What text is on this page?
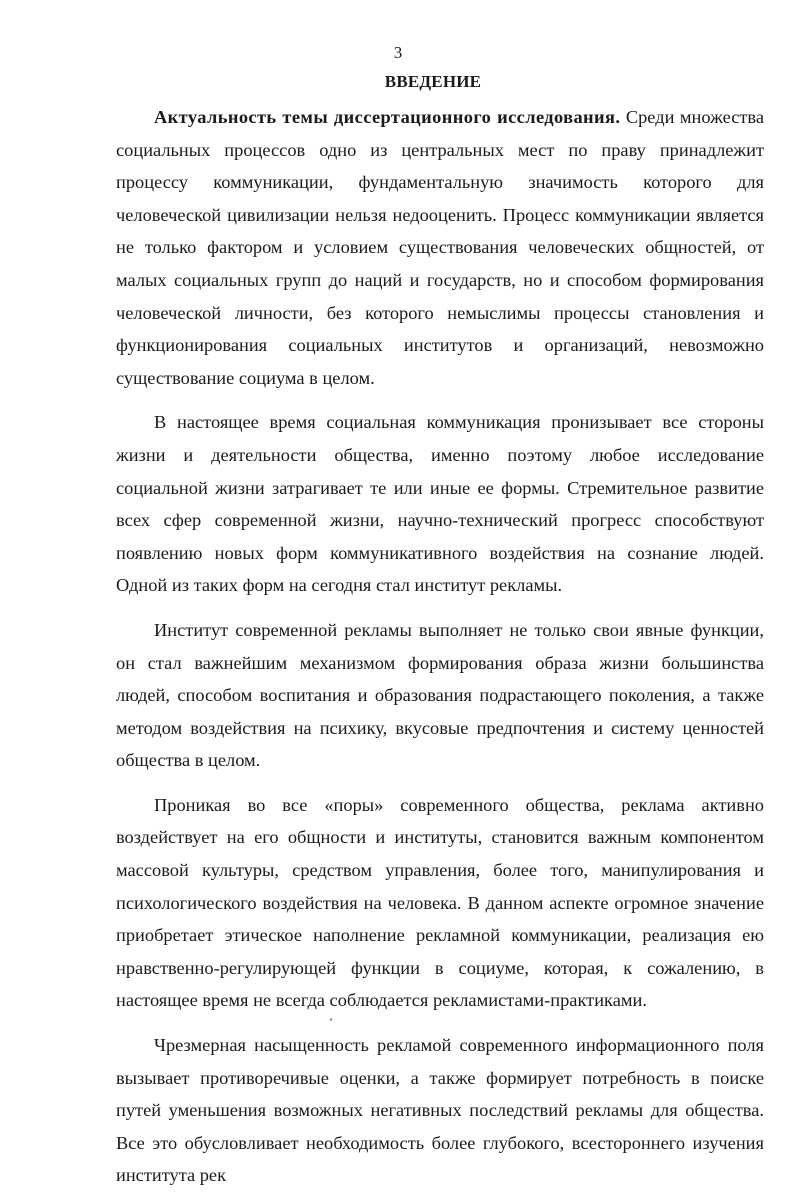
3
ВВЕДЕНИЕ

Актуальность темы диссертационного исследования. Среди множества социальных процессов одно из центральных мест по праву принадлежит процессу коммуникации, фундаментальную значимость которого для человеческой цивилизации нельзя недооценить. Процесс коммуникации является не только фактором и условием существования человеческих общностей, от малых социальных групп до наций и государств, но и способом формирования человеческой личности, без которого немыслимы процессы становления и функционирования социальных институтов и организаций, невозможно существование социума в целом.

В настоящее время социальная коммуникация пронизывает все стороны жизни и деятельности общества, именно поэтому любое исследование социальной жизни затрагивает те или иные ее формы. Стремительное развитие всех сфер современной жизни, научно-технический прогресс способствуют появлению новых форм коммуникативного воздействия на сознание людей. Одной из таких форм на сегодня стал институт рекламы.

Институт современной рекламы выполняет не только свои явные функции, он стал важнейшим механизмом формирования образа жизни большинства людей, способом воспитания и образования подрастающего поколения, а также методом воздействия на психику, вкусовые предпочтения и систему ценностей общества в целом.

Проникая во все «поры» современного общества, реклама активно воздействует на его общности и институты, становится важным компонентом массовой культуры, средством управления, более того, манипулирования и психологического воздействия на человека. В данном аспекте огромное значение приобретает этическое наполнение рекламной коммуникации, реализация ею нравственно-регулирующей функции в социуме, которая, к сожалению, в настоящее время не всегда соблюдается рекламистами-практиками.

Чрезмерная насыщенность рекламой современного информационного поля вызывает противоречивые оценки, а также формирует потребность в поиске путей уменьшения возможных негативных последствий рекламы для общества. Все это обусловливает необходимость более глубокого, всестороннего изучения института рек
